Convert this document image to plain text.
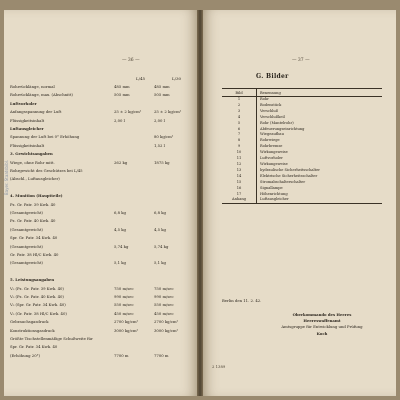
— 36 —
Bayer. Staatsbibl.
L/45	L/30
Rohrrücklänge, normal	485 mm	485 mm
Rohrrücklänge, max. (Abschnitt)	505 mm	505 mm
Luftvorholer
Anfangsspannung der Luft	25 ± 2 kg/cm²	25 ± 2 kg/cm²
Flüssigkeitsinhalt	2,00 l	2,00 l
Luftausgleicher
Spannung der Luft bei 0° Erhöhung	80 kg/cm²
Flüssigkeitsinhalt	1,52 l
3. Gewichtsangaben
Wiege, ohne Rohr mitt.	262 kg	1875 kg
Rohrgewicht des Geschützes bei L/45
(Abschl., Luftausgleicher)
4. Munition (Hauptteile)
Pz. Gr. Patr. 39 Kwk. 40
(Gesamtgewicht)	6,8 kg	6,8 kg
Pz. Gr. Patr. 40 Kwk. 40
(Gesamtgewicht)	4,5 kg	4,5 kg
Spr. Gr. Patr. 34 Kwk. 40
(Gesamtgewicht)	5,74 kg	5,74 kg
Gr. Patr. 38 Hl/C Kwk. 40
(Gesamtgewicht)	5,1 kg	5,1 kg
5. Leistungsangaben
V₀ (Pz. Gr. Patr. 39 Kwk. 40)	750 m/sec	750 m/sec
V₀ (Pz. Gr. Patr. 40 Kwk. 40)	990 m/sec	990 m/sec
V₀ (Spr. Gr. Patr. 34 Kwk. 40)	550 m/sec	550 m/sec
V₀ (Gr. Patr. 38 Hl/C Kwk. 40)	450 m/sec	450 m/sec
Gebrauchsgasdruck	2700 kg/cm²	2700 kg/cm²
Konstruktionsgasdruck	3000 kg/cm²	3000 kg/cm²
Größte Tischstellenmäßige Schußweite für
Spr. Gr. Patr. 34 Kwk. 40
(Erhöhung 20°)	7700 m	7700 m
— 37 —
G. Bilder
Bild	Benennung
1	Rohr
2	Bodenstück
3	Verschluß
4	Verschlußkeil
5	Rohr (Mantelrohr)
6	Abfeuerungseinrichtung
7	Wiegeaufbau
8	Rohrwiege
9	Rohrbremse
10	Wirkungsweise
11	Luftvorholer
12	Wirkungsweise
13	hydraulische Sicherheitsschalter
14	Elektrische Sicherheitsschalter
15	Stromabschalterschalter
16	Signallampe
17	Höhenrichtung
Anhang	Luftausgleicher
Berlin den 11. 2. 42.
Oberkommando des Heeres
Heereswaffenamt
Amtsgruppe für Entwicklung und Prüfung
Koch
2 1389
